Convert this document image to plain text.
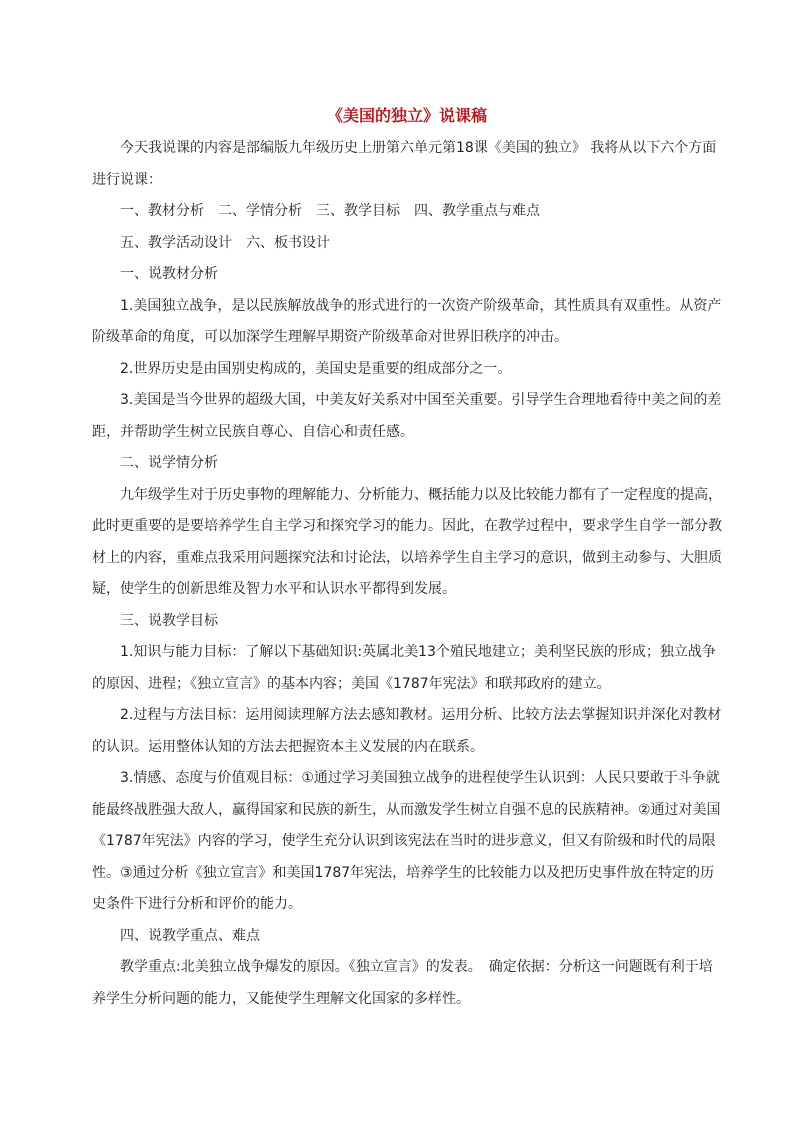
《美国的独立》说课稿

今天我说课的内容是部编版九年级历史上册第六单元第18课《美国的独立》 我将从以下六个方面进行说课：

一、教材分析　二、学情分析　三、教学目标　四、教学重点与难点

五、教学活动设计　六、板书设计

一、说教材分析

1.美国独立战争，是以民族解放战争的形式进行的一次资产阶级革命，其性质具有双重性。从资产阶级革命的角度，可以加深学生理解早期资产阶级革命对世界旧秩序的冲击。

2.世界历史是由国别史构成的，美国史是重要的组成部分之一。

3.美国是当今世界的超级大国，中美友好关系对中国至关重要。引导学生合理地看待中美之间的差距，并帮助学生树立民族自尊心、自信心和责任感。

二、说学情分析

九年级学生对于历史事物的理解能力、分析能力、概括能力以及比较能力都有了一定程度的提高，此时更重要的是要培养学生自主学习和探究学习的能力。因此，在教学过程中，要求学生自学一部分教材上的内容，重难点我采用问题探究法和讨论法，以培养学生自主学习的意识，做到主动参与、大胆质疑，使学生的创新思维及智力水平和认识水平都得到发展。

三、说教学目标

1.知识与能力目标：了解以下基础知识:英属北美13个殖民地建立；美利坚民族的形成；独立战争的原因、进程；《独立宣言》的基本内容；美国《1787年宪法》和联邦政府的建立。

2.过程与方法目标：运用阅读理解方法去感知教材。运用分析、比较方法去掌握知识并深化对教材的认识。运用整体认知的方法去把握资本主义发展的内在联系。

3.情感、态度与价值观目标：①通过学习美国独立战争的进程使学生认识到：人民只要敢于斗争就能最终战胜强大敌人，赢得国家和民族的新生，从而激发学生树立自强不息的民族精神。②通过对美国《1787年宪法》内容的学习，使学生充分认识到该宪法在当时的进步意义，但又有阶级和时代的局限性。③通过分析《独立宣言》和美国1787年宪法，培养学生的比较能力以及把历史事件放在特定的历史条件下进行分析和评价的能力。

四、说教学重点、难点

教学重点:北美独立战争爆发的原因。《独立宣言》的发表。　确定依据：分析这一问题既有利于培养学生分析问题的能力，又能使学生理解文化国家的多样性。
